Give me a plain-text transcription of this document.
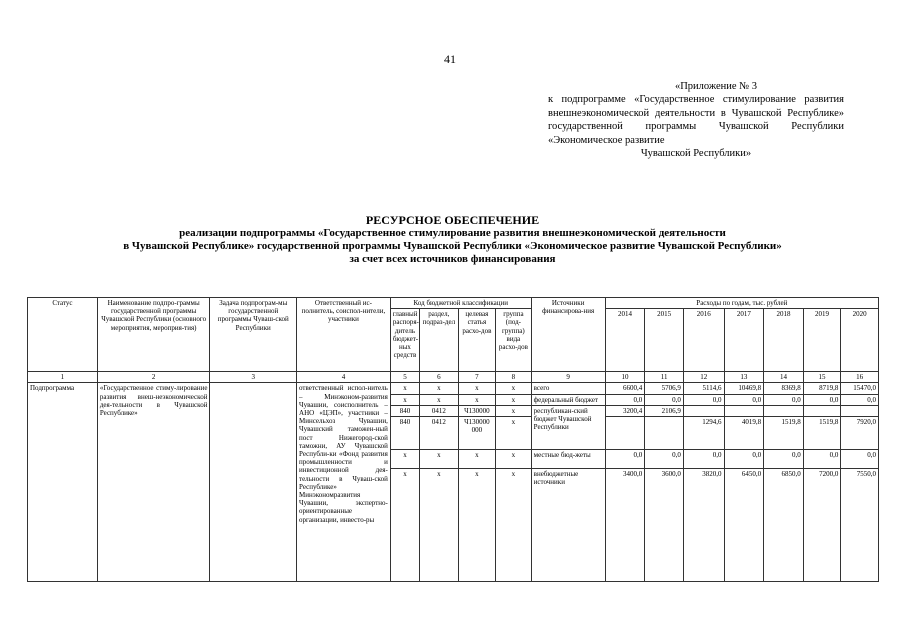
41

«Приложение № 3

к подпрограмме «Государственное стимулирование развития внешнеэкономической деятельности в Чувашской Республике» государственной программы Чувашской Республики «Экономическое развитие

Чувашской Республики»

РЕСУРСНОЕ ОБЕСПЕЧЕНИЕ
реализации подпрограммы «Государственное стимулирование развития внешнеэкономической деятельности
в Чувашской Республике» государственной программы Чувашской Республики «Экономическое развитие Чувашской Республики»
за счет всех источников финансирования
Статус	Наименование подпро-граммы государственной программы Чувашской Республики (основного мероприятия, мероприя-тия)	Задача подпрограм-мы государственной программы Чуваш-ской Республики	Ответственный ис-полнитель, соиспол-нители, участники	Код бюджетной классификации				Источники финансирова-ния	Расходы по годам, тыс. рублей						
				главный распоря-дитель бюджет-ных средств	раздел, подраз-дел	целевая статья расхо-дов	группа (под-группа) вида расхо-дов		2014	2015	2016	2017	2018	2019	2020
1	2	3	4	5	6	7	8	9	10	11	12	13	14	15	16
Подпрограмма	«Государственное стиму-лирование развития внеш-неэкономической дея-тельности в Чувашской Республике»		ответственный испол-нитель – Минэконом-развития Чувашии, соисполнитель – АНО «ЦЭП», участники – Минсельхоз Чувашии, Чувашский таможен-ный пост Нижегород-ской таможни, АУ Чувашской Республи-ки «Фонд развития промышленности и инвестиционной дея-тельности в Чуваш-ской Республике» Минэкономразвития Чувашии, экспертно-ориентированные организации, инвесто-ры	x	x	x	x	всего	6600,4	5706,9	5114,6	10469,8	8369,8	8719,8	15470,0
				x	x	x	x	федеральный бюджет	0,0	0,0	0,0	0,0	0,0	0,0	0,0
				840	0412	Ч130000	x	республикан-ский бюджет Чувашской Республики	3200,4	2106,9					
				840	0412	Ч130000 000	x				1294,6	4019,8	1519,8	1519,8	7920,0
				x	x	x	x	местные бюд-жеты	0,0	0,0	0,0	0,0	0,0	0,0	0,0
				x	x	x	x	внебюджетные источники	3400,0	3600,0	3820,0	6450,0	6850,0	7200,0	7550,0
